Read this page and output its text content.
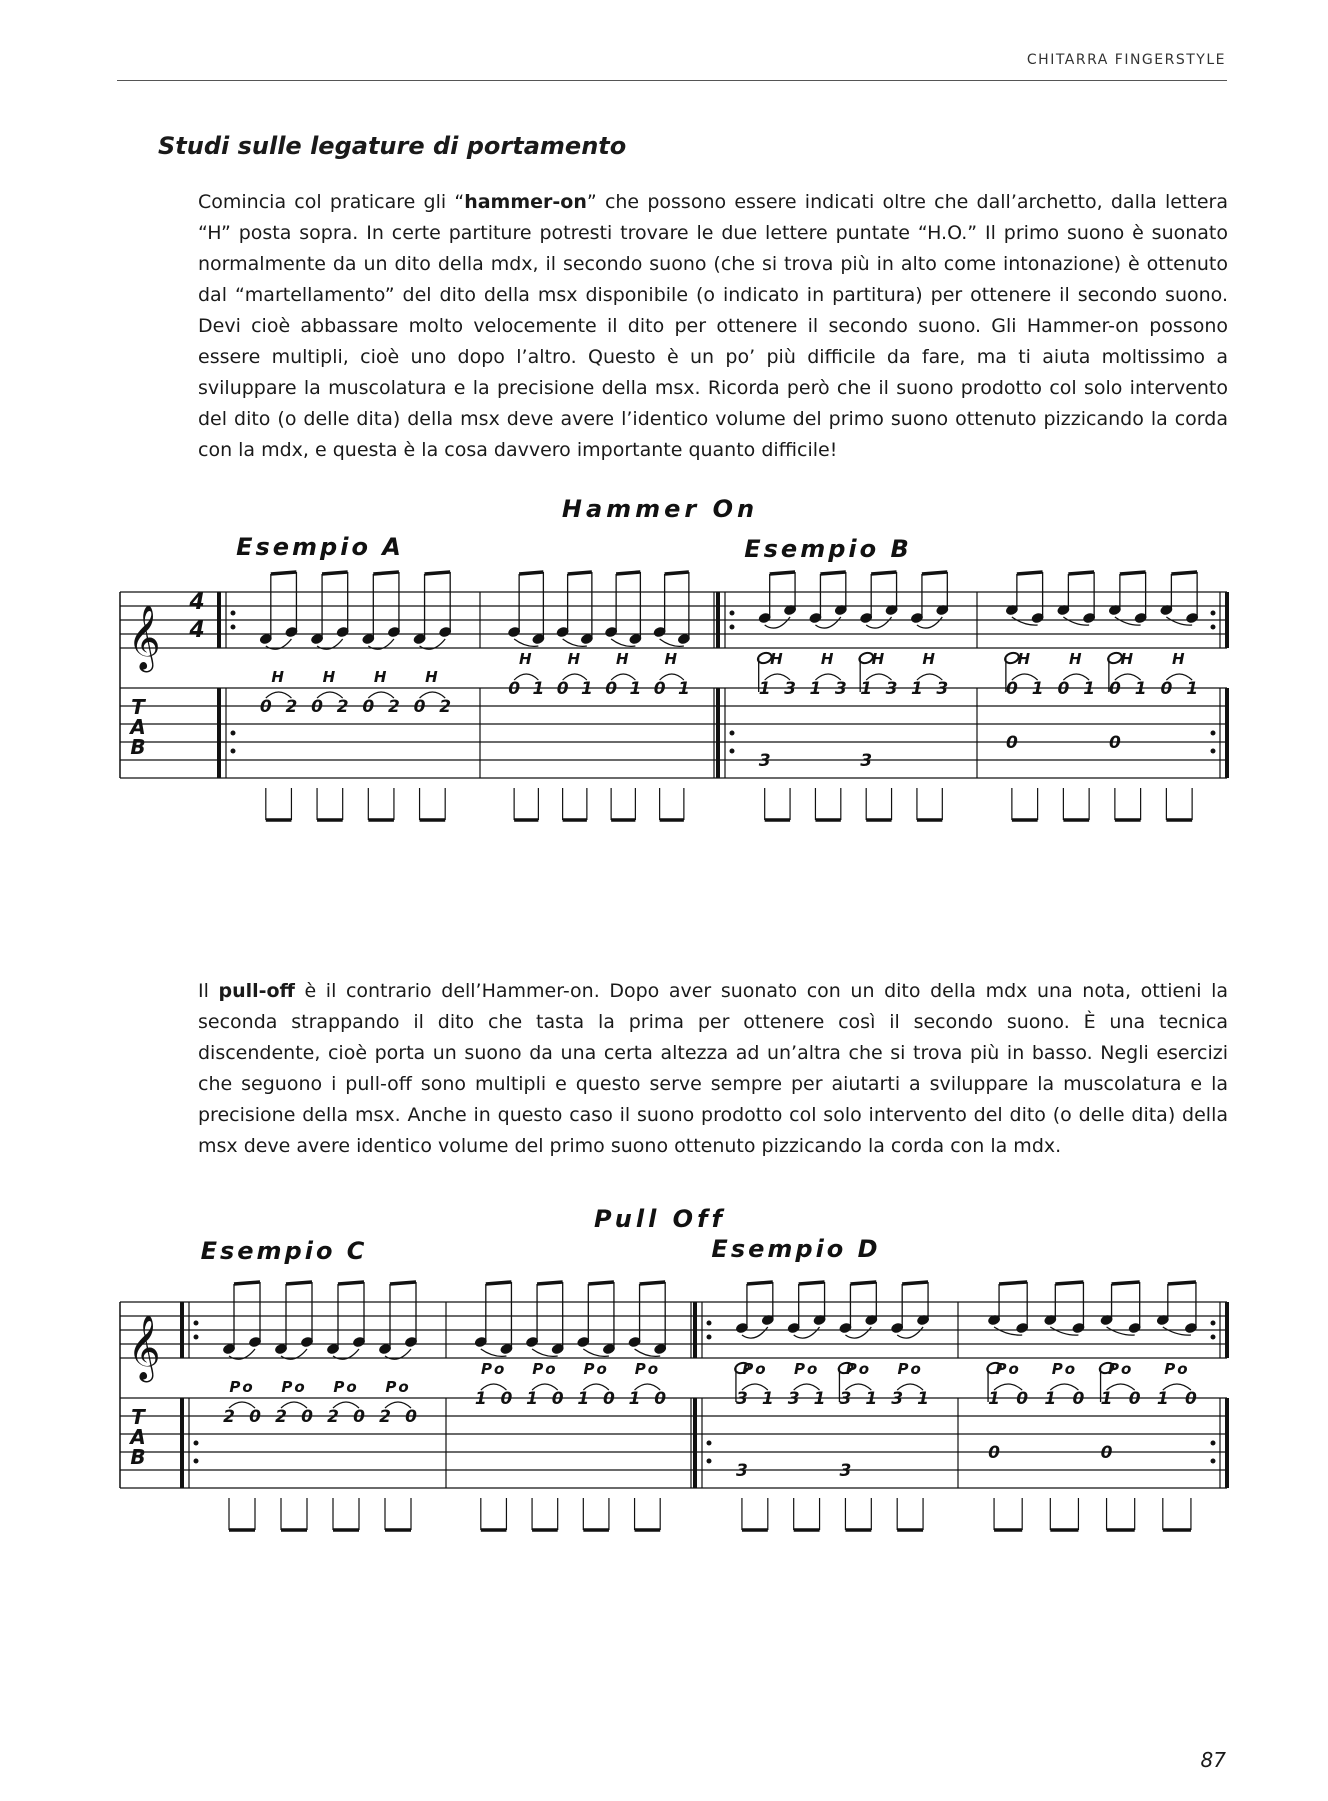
CHITARRA FINGERSTYLE
Studi sulle legature di portamento

Comincia col praticare gli “hammer-on” che possono essere indicati oltre che dall’archetto, dalla lettera “H” posta sopra. In certe partiture potresti trovare le due lettere puntate “H.O.” Il primo suono è suonato normalmente da un dito della mdx, il secondo suono (che si trova più in alto come intonazione) è ottenuto dal “martellamento” del dito della msx disponibile (o indicato in partitura) per ottenere il secondo suono. Devi cioè abbassare molto velocemente il dito per ottenere il secondo suono. Gli Hammer-on possono essere multipli, cioè uno dopo l’altro. Questo è un po’ più difficile da fare, ma ti aiuta moltissimo a sviluppare la muscolatura e la precisione della msx. Ricorda però che il suono prodotto col solo intervento del dito (o delle dita) della msx deve avere l’identico volume del primo suono ottenuto pizzicando la corda con la mdx, e questa è la cosa davvero importante quanto difficile!

Hammer On
Esempio A	Esempio B
𝄞
4
4
T
A
B
0 2 0 2 0 2 0 2
H H H H
0 1 0 1 0 1 0 1
H H H H
1 3 1 3 1 3 1 3
H H H H
3	3
0 1 0 1 0 1 0 1
H H H H
0	0

Il pull-off è il contrario dell’Hammer-on. Dopo aver suonato con un dito della mdx una nota, ottieni la seconda strappando il dito che tasta la prima per ottenere così il secondo suono. È una tecnica discendente, cioè porta un suono da una certa altezza ad un’altra che si trova più in basso. Negli esercizi che seguono i pull-off sono multipli e questo serve sempre per aiutarti a sviluppare la muscolatura e la precisione della msx. Anche in questo caso il suono prodotto col solo intervento del dito (o delle dita) della msx deve avere identico volume del primo suono ottenuto pizzicando la corda con la mdx.

Pull Off
Esempio C	Esempio D
𝄞
T
A
B
2 0 2 0 2 0 2 0
Po Po Po Po
1 0 1 0 1 0 1 0
Po Po Po Po
3 1 3 1 3 1 3 1
Po Po Po Po
3	3
1 0 1 0 1 0 1 0
Po Po Po Po
0	0
87
